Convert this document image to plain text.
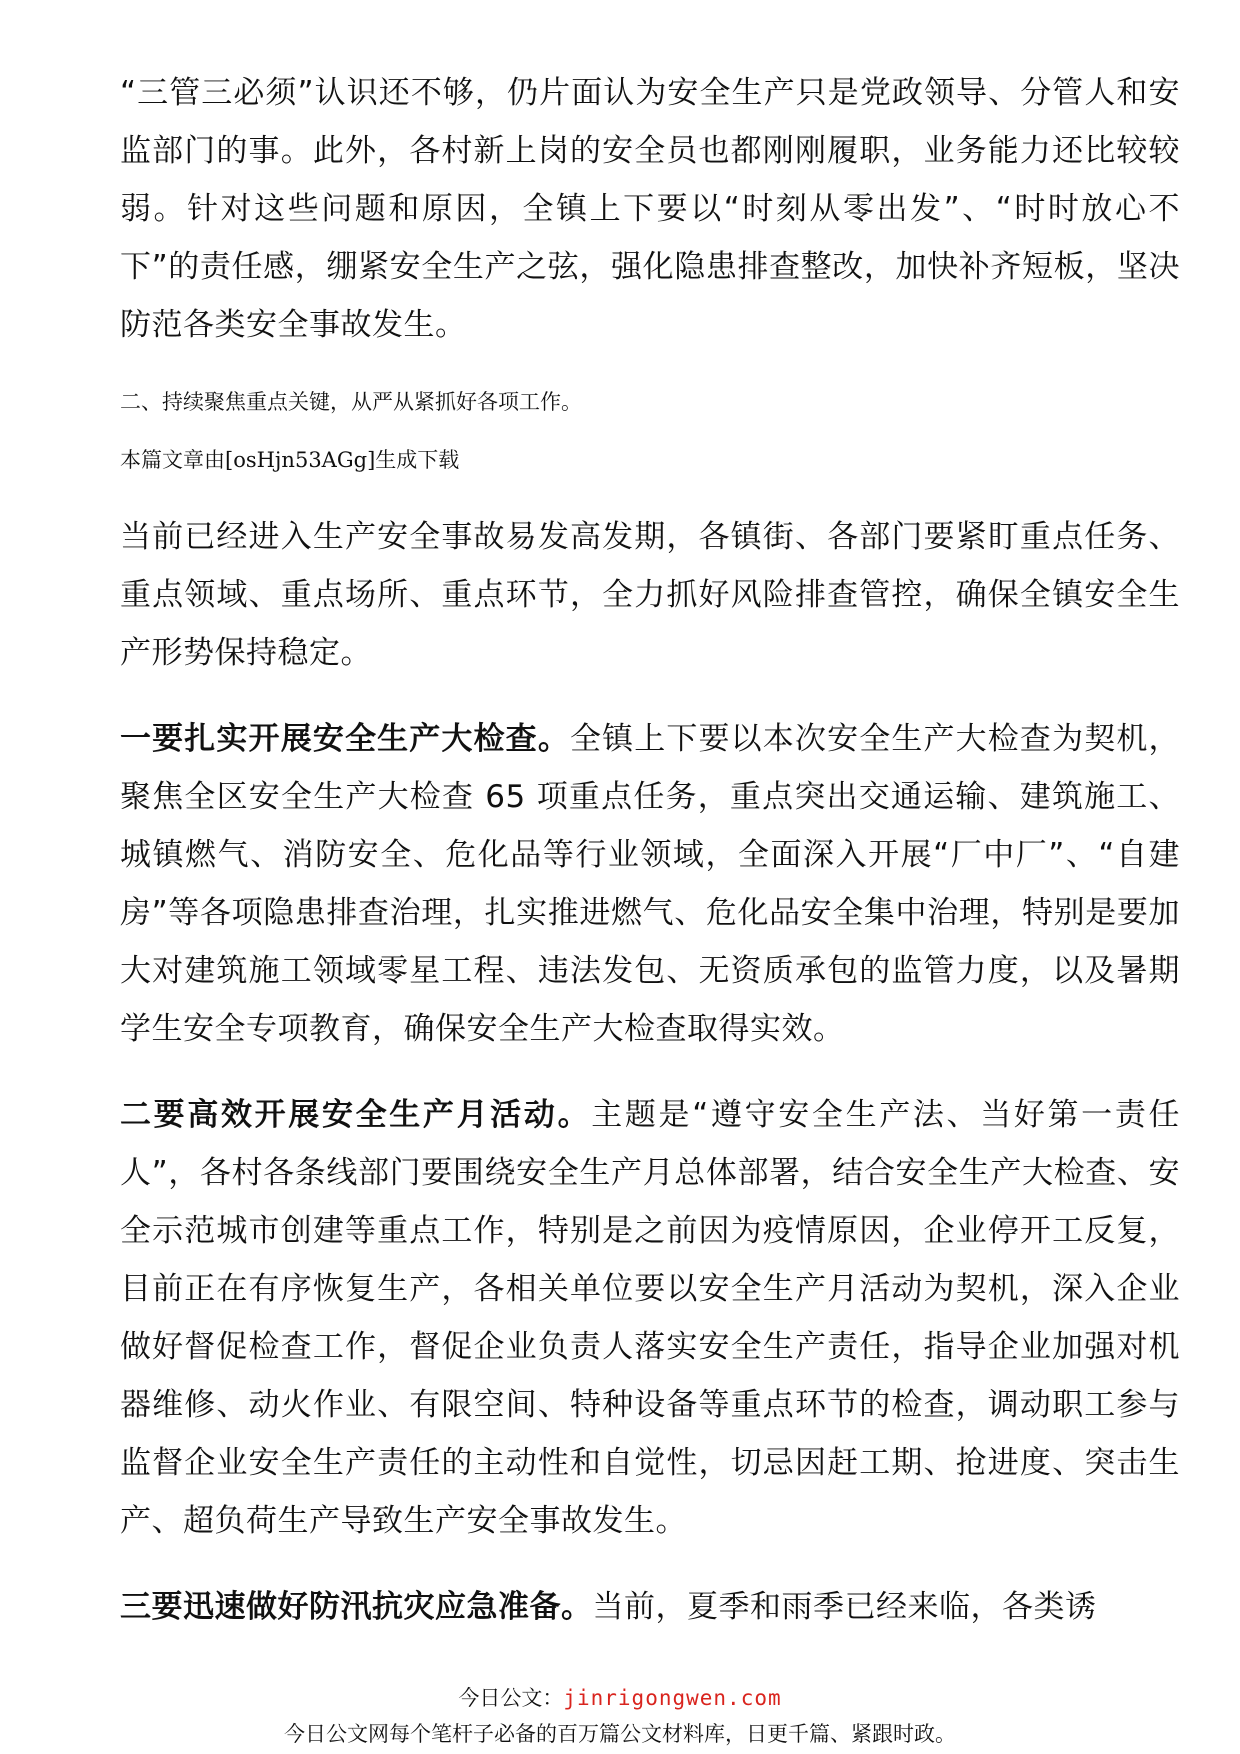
“三管三必须”认识还不够，仍片面认为安全生产只是党政领导、分管人和安监部门的事。此外，各村新上岗的安全员也都刚刚履职，业务能力还比较较弱。针对这些问题和原因，全镇上下要以“时刻从零出发”、“时时放心不下”的责任感，绷紧安全生产之弦，强化隐患排查整改，加快补齐短板，坚决防范各类安全事故发生。

二、持续聚焦重点关键，从严从紧抓好各项工作。

本篇文章由[osHjn53AGg]生成下载

当前已经进入生产安全事故易发高发期，各镇街、各部门要紧盯重点任务、重点领域、重点场所、重点环节，全力抓好风险排查管控，确保全镇安全生产形势保持稳定。

一要扎实开展安全生产大检查。全镇上下要以本次安全生产大检查为契机，聚焦全区安全生产大检查 65 项重点任务，重点突出交通运输、建筑施工、城镇燃气、消防安全、危化品等行业领域，全面深入开展“厂中厂”、“自建房”等各项隐患排查治理，扎实推进燃气、危化品安全集中治理，特别是要加大对建筑施工领域零星工程、违法发包、无资质承包的监管力度，以及暑期学生安全专项教育，确保安全生产大检查取得实效。

二要高效开展安全生产月活动。主题是“遵守安全生产法、当好第一责任人”，各村各条线部门要围绕安全生产月总体部署，结合安全生产大检查、安全示范城市创建等重点工作，特别是之前因为疫情原因，企业停开工反复，目前正在有序恢复生产，各相关单位要以安全生产月活动为契机，深入企业做好督促检查工作，督促企业负责人落实安全生产责任，指导企业加强对机器维修、动火作业、有限空间、特种设备等重点环节的检查，调动职工参与监督企业安全生产责任的主动性和自觉性，切忌因赶工期、抢进度、突击生产、超负荷生产导致生产安全事故发生。

三要迅速做好防汛抗灾应急准备。当前，夏季和雨季已经来临，各类诱

今日公文：jinrigongwen.com
今日公文网每个笔杆子必备的百万篇公文材料库，日更千篇、紧跟时政。
